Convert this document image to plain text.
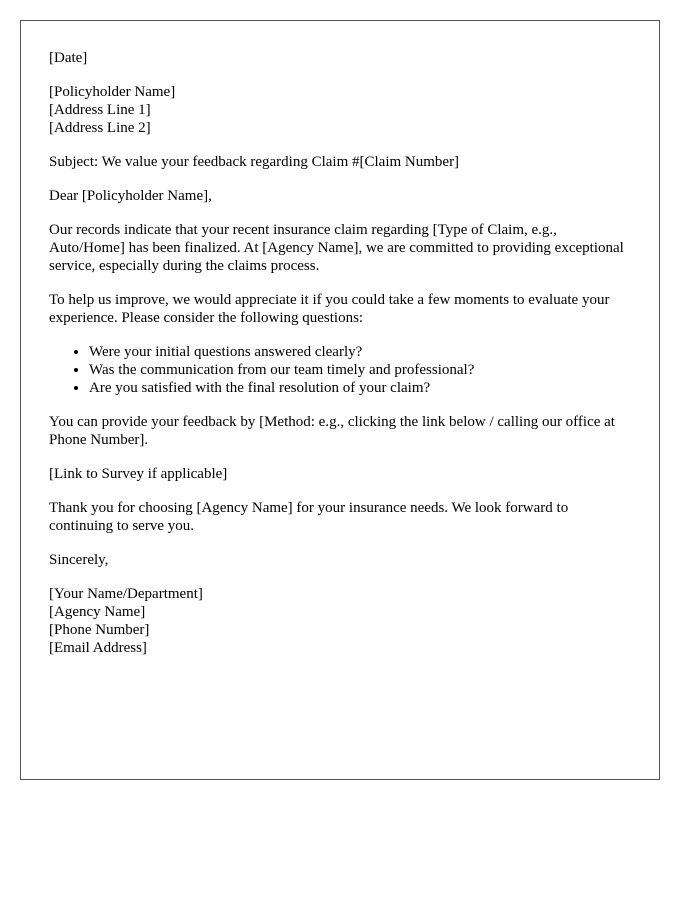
[Date]

[Policyholder Name]
[Address Line 1]
[Address Line 2]

Subject: We value your feedback regarding Claim #[Claim Number]

Dear [Policyholder Name],

Our records indicate that your recent insurance claim regarding [Type of Claim, e.g., Auto/Home] has been finalized. At [Agency Name], we are committed to providing exceptional service, especially during the claims process.

To help us improve, we would appreciate it if you could take a few moments to evaluate your experience. Please consider the following questions:

• Were your initial questions answered clearly?
• Was the communication from our team timely and professional?
• Are you satisfied with the final resolution of your claim?

You can provide your feedback by [Method: e.g., clicking the link below / calling our office at Phone Number].

[Link to Survey if applicable]

Thank you for choosing [Agency Name] for your insurance needs. We look forward to continuing to serve you.

Sincerely,

[Your Name/Department]
[Agency Name]
[Phone Number]
[Email Address]
